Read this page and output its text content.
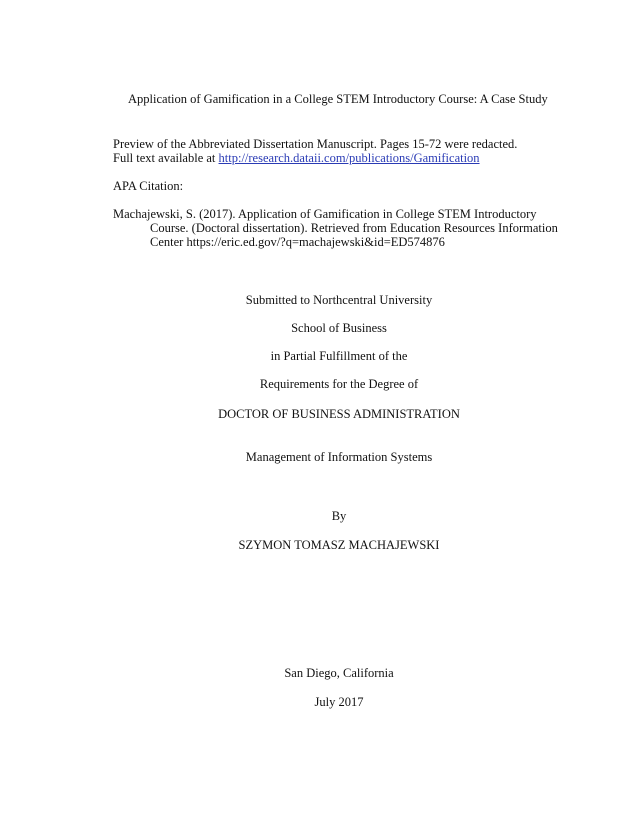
Application of Gamification in a College STEM Introductory Course: A Case Study
Preview of the Abbreviated Dissertation Manuscript. Pages 15-72 were redacted.
Full text available at http://research.dataii.com/publications/Gamification
APA Citation:
Machajewski, S. (2017). Application of Gamification in College STEM Introductory
Course. (Doctoral dissertation). Retrieved from Education Resources Information
Center https://eric.ed.gov/?q=machajewski&id=ED574876
Submitted to Northcentral University
School of Business
in Partial Fulfillment of the
Requirements for the Degree of
DOCTOR OF BUSINESS ADMINISTRATION
Management of Information Systems
By
SZYMON TOMASZ MACHAJEWSKI
San Diego, California
July 2017
